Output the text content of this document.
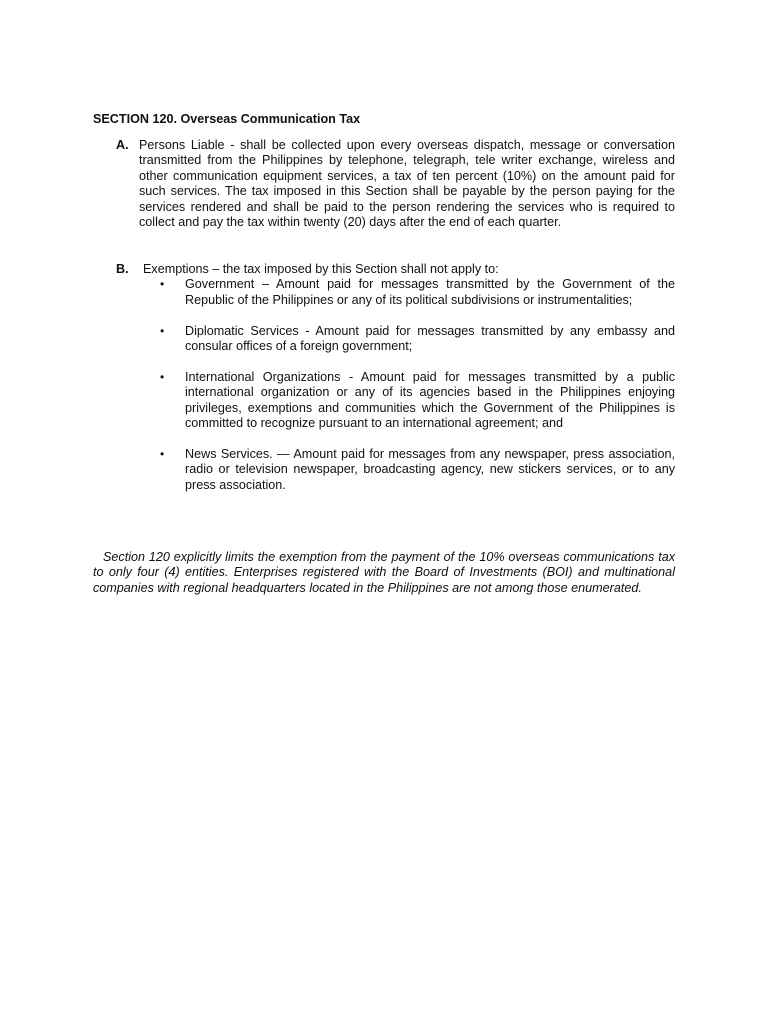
SECTION 120. Overseas Communication Tax
A. Persons Liable - shall be collected upon every overseas dispatch, message or conversation transmitted from the Philippines by telephone, telegraph, tele writer exchange, wireless and other communication equipment services, a tax of ten percent (10%) on the amount paid for such services. The tax imposed in this Section shall be payable by the person paying for the services rendered and shall be paid to the person rendering the services who is required to collect and pay the tax within twenty (20) days after the end of each quarter.
B. Exemptions – the tax imposed by this Section shall not apply to:
• Government – Amount paid for messages transmitted by the Government of the Republic of the Philippines or any of its political subdivisions or instrumentalities;
• Diplomatic Services - Amount paid for messages transmitted by any embassy and consular offices of a foreign government;
• International Organizations - Amount paid for messages transmitted by a public international organization or any of its agencies based in the Philippines enjoying privileges, exemptions and communities which the Government of the Philippines is committed to recognize pursuant to an international agreement; and
• News Services. — Amount paid for messages from any newspaper, press association, radio or television newspaper, broadcasting agency, new stickers services, or to any press association.
Section 120 explicitly limits the exemption from the payment of the 10% overseas communications tax to only four (4) entities. Enterprises registered with the Board of Investments (BOI) and multinational companies with regional headquarters located in the Philippines are not among those enumerated.
